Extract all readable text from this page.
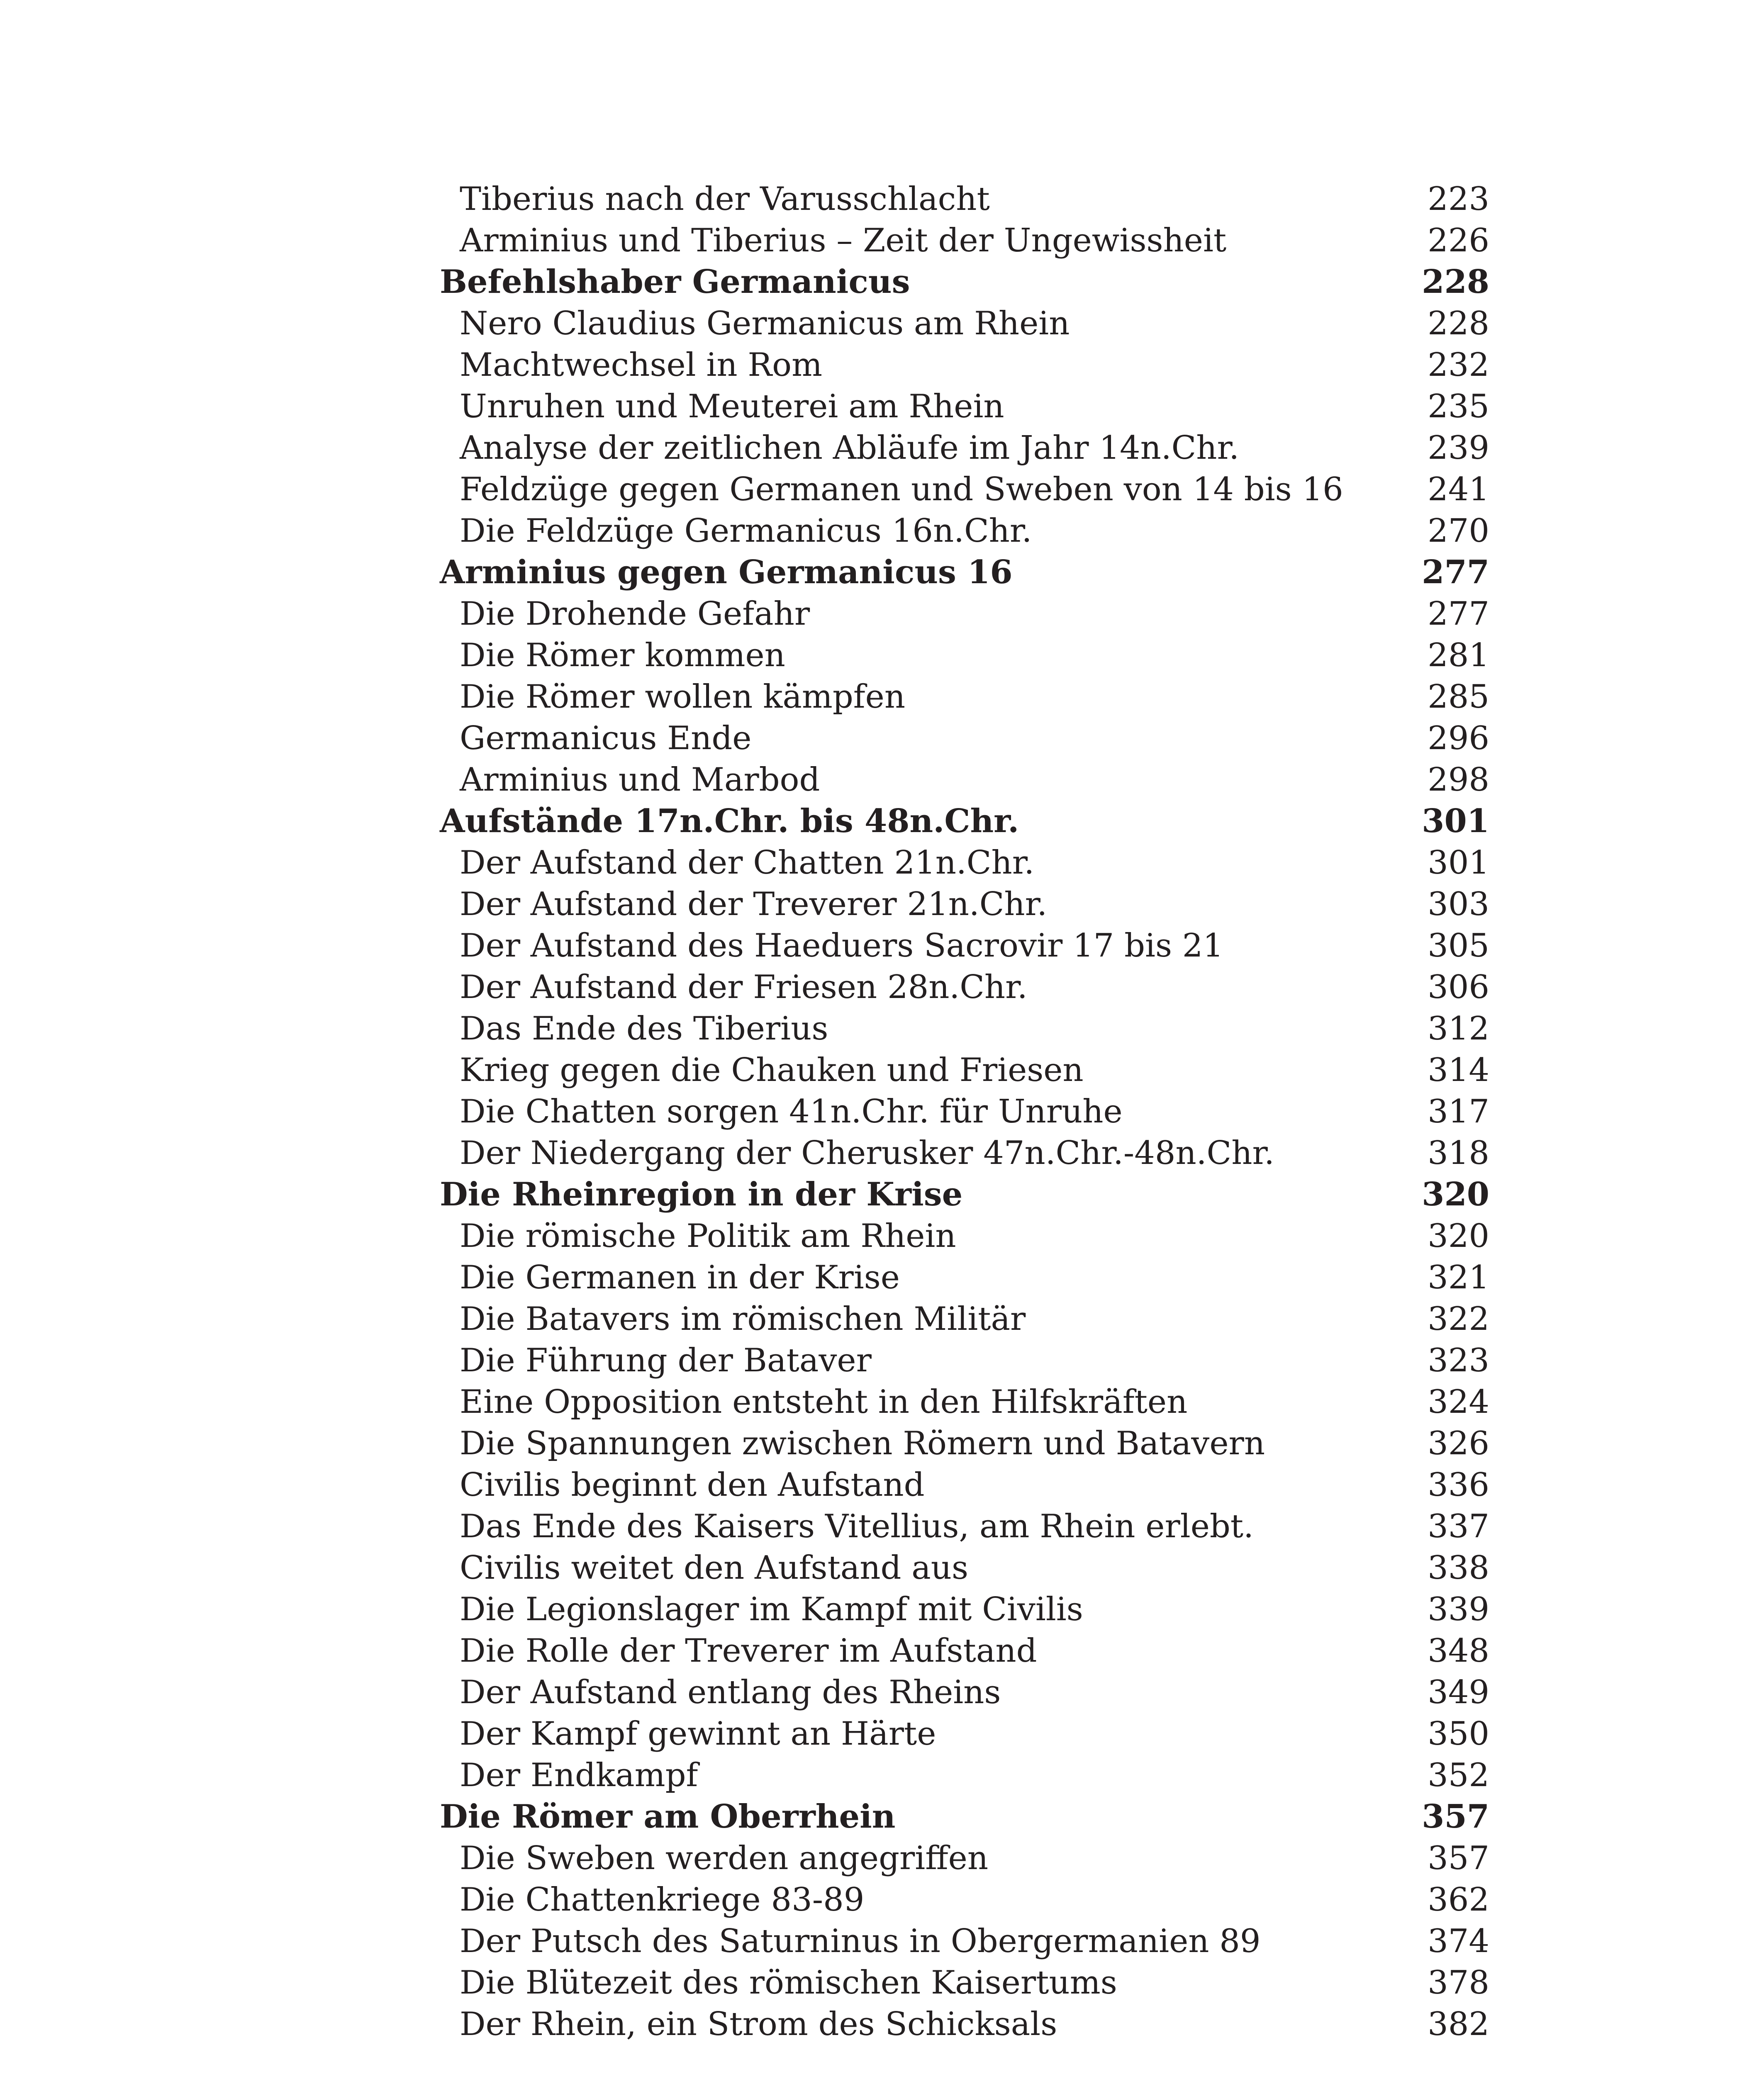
Tiberius nach der Varusschlacht	223
Arminius und Tiberius – Zeit der Ungewissheit	226
Befehlshaber Germanicus	228
Nero Claudius Germanicus am Rhein	228
Machtwechsel in Rom	232
Unruhen und Meuterei am Rhein	235
Analyse der zeitlichen Abläufe im Jahr 14n.Chr.	239
Feldzüge gegen Germanen und Sweben von 14 bis 16	241
Die Feldzüge Germanicus 16n.Chr.	270
Arminius gegen Germanicus 16	277
Die Drohende Gefahr	277
Die Römer kommen	281
Die Römer wollen kämpfen	285
Germanicus Ende	296
Arminius und Marbod	298
Aufstände 17n.Chr. bis 48n.Chr.	301
Der Aufstand der Chatten 21n.Chr.	301
Der Aufstand der Treverer 21n.Chr.	303
Der Aufstand des Haeduers Sacrovir 17 bis 21	305
Der Aufstand der Friesen 28n.Chr.	306
Das Ende des Tiberius	312
Krieg gegen die Chauken und Friesen	314
Die Chatten sorgen 41n.Chr. für Unruhe	317
Der Niedergang der Cherusker 47n.Chr.-48n.Chr.	318
Die Rheinregion in der Krise	320
Die römische Politik am Rhein	320
Die Germanen in der Krise	321
Die Batavers im römischen Militär	322
Die Führung der Bataver	323
Eine Opposition entsteht in den Hilfskräften	324
Die Spannungen zwischen Römern und Batavern	326
Civilis beginnt den Aufstand	336
Das Ende des Kaisers Vitellius, am Rhein erlebt.	337
Civilis weitet den Aufstand aus	338
Die Legionslager im Kampf mit Civilis	339
Die Rolle der Treverer im Aufstand	348
Der Aufstand entlang des Rheins	349
Der Kampf gewinnt an Härte	350
Der Endkampf	352
Die Römer am Oberrhein	357
Die Sweben werden angegriffen	357
Die Chattenkriege 83-89	362
Der Putsch des Saturninus in Obergermanien 89	374
Die Blütezeit des römischen Kaisertums	378
Der Rhein, ein Strom des Schicksals	382
